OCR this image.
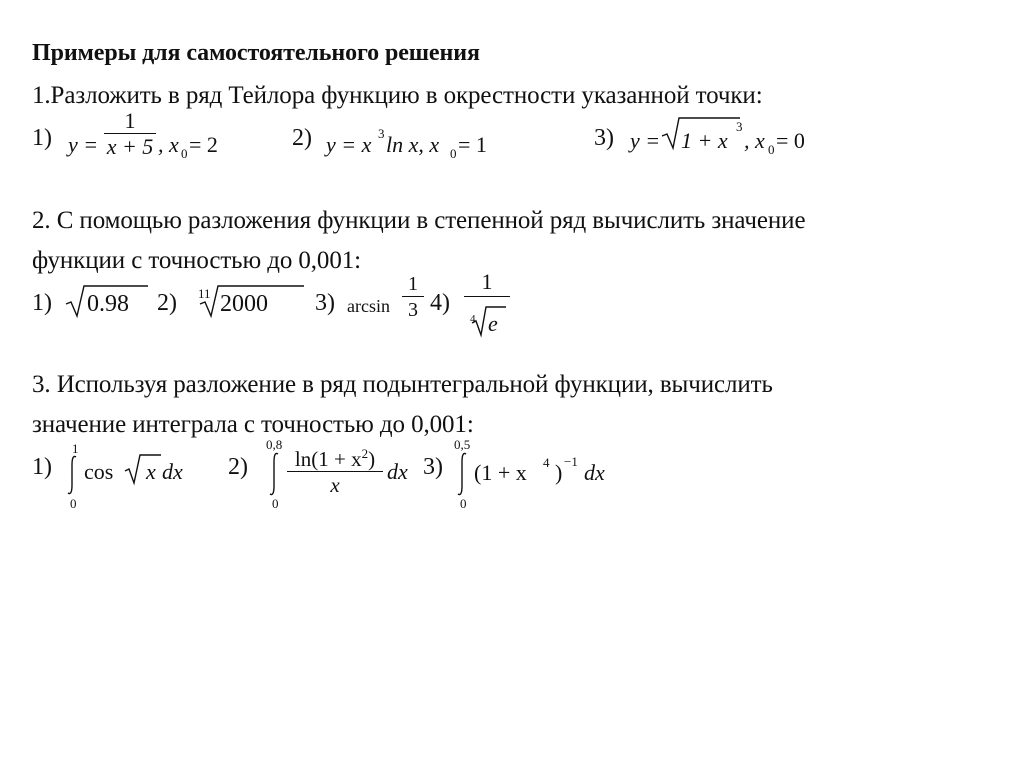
Примеры для самостоятельного решения
1.Разложить в ряд Тейлора функцию в окрестности указанной точки:
1) $y = \frac{1}{x + 5}$ , x 0 = 2	2) y = x 3 ln x, x 0 = 1	3) y = 1 + x
3
, x 0 = 0
2. С помощью разложения функции в степенной ряд вычислить значение
функции с точностью до 0,001:
1) 0.98 2) 11 2000 3) $\arcsin \frac{1}{3} 4$)
1
4 e
3. Используя разложение в ряд подынтегральной функции, вычислить
значение интеграла с точностью до 0,001:
1)
1
0
cos x dx 2)
0,8
0
$\frac{\ln(1 + x^2)}{x}$ dx 3)
0,5
0
(1 + x 4 ) −1 dx
